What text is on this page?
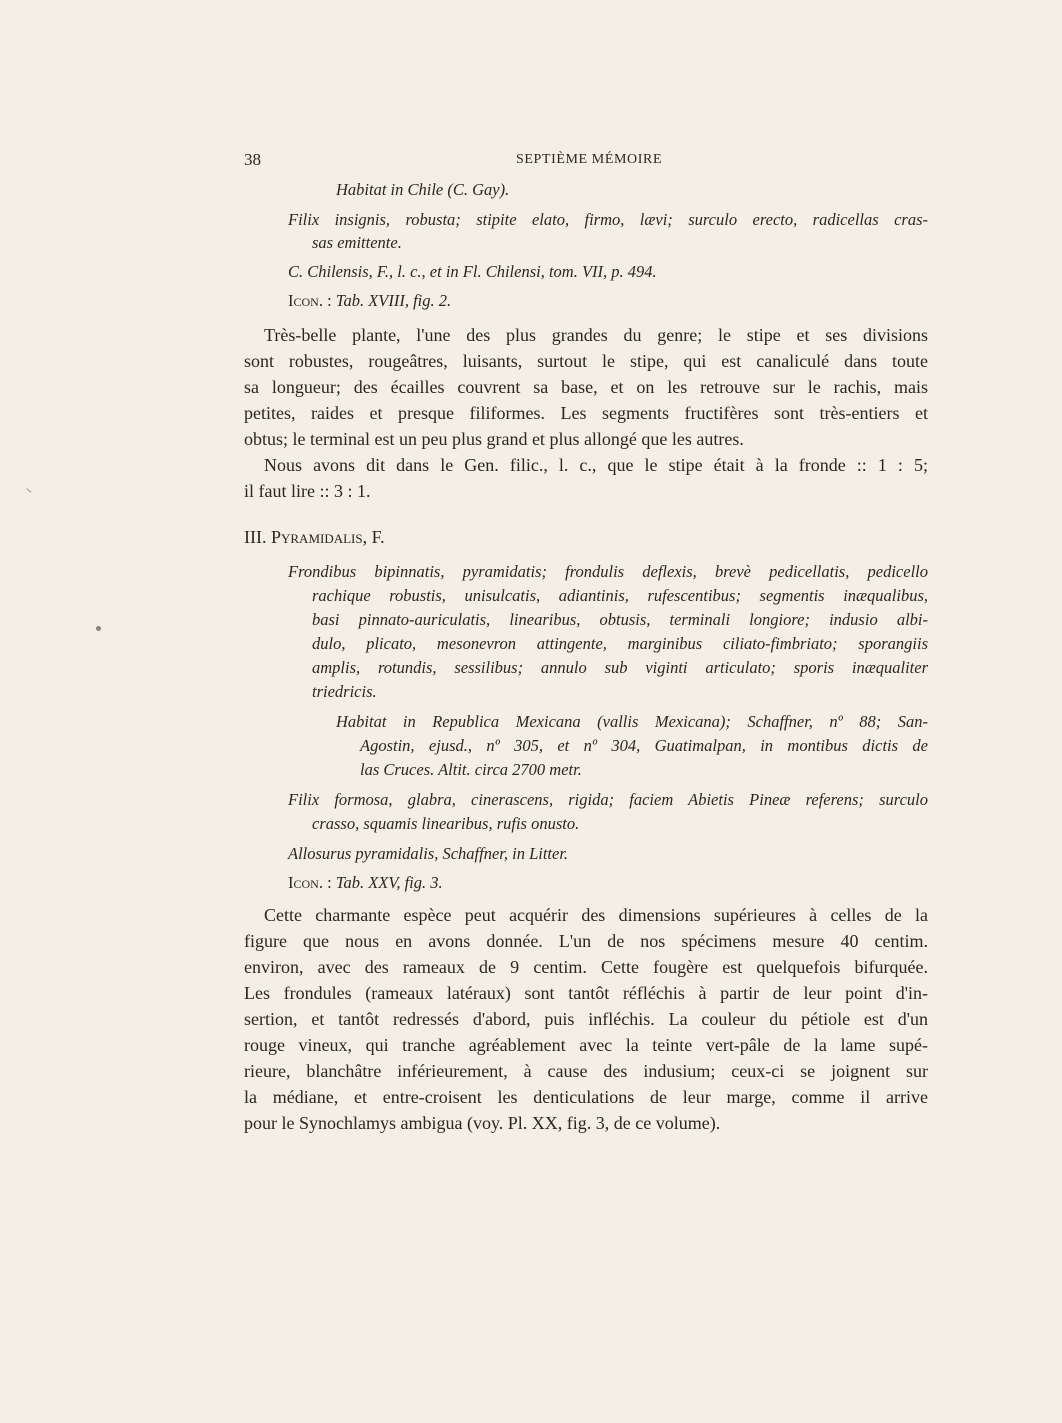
38	SEPTIÈME MÉMOIRE
Habitat in Chile (C. Gay).
Filix insignis, robusta; stipite elato, firmo, lævi; surculo erecto, radicellas cras-
sas emittente.
C. Chilensis, F., l. c., et in Fl. Chilensi, tom. VII, p. 494.
Icon. : Tab. XVIII, fig. 2.
Très-belle plante, l'une des plus grandes du genre; le stipe et ses divisions
sont robustes, rougeâtres, luisants, surtout le stipe, qui est canaliculé dans toute
sa longueur; des écailles couvrent sa base, et on les retrouve sur le rachis, mais
petites, raides et presque filiformes. Les segments fructifères sont très-entiers et
obtus; le terminal est un peu plus grand et plus allongé que les autres.
Nous avons dit dans le Gen. filic., l. c., que le stipe était à la fronde :: 1 : 5;
il faut lire :: 3 : 1.
III. Pyramidalis, F.
Frondibus bipinnatis, pyramidatis; frondulis deflexis, brevè pedicellatis, pedicello
rachique robustis, unisulcatis, adiantinis, rufescentibus; segmentis inæqualibus,
basi pinnato-auriculatis, linearibus, obtusis, terminali longiore; indusio albi-
dulo, plicato, mesonevron attingente, marginibus ciliato-fimbriato; sporangiis
amplis, rotundis, sessilibus; annulo sub viginti articulato; sporis inæqualiter
triedricis.
Habitat in Republica Mexicana (vallis Mexicana); Schaffner, nº 88; San-
Agostin, ejusd., nº 305, et nº 304, Guatimalpan, in montibus dictis de
las Cruces. Altit. circa 2700 metr.
Filix formosa, glabra, cinerascens, rigida; faciem Abietis Pineæ referens; surculo
crasso, squamis linearibus, rufis onusto.
Allosurus pyramidalis, Schaffner, in Litter.
Icon. : Tab. XXV, fig. 3.
Cette charmante espèce peut acquérir des dimensions supérieures à celles de la
figure que nous en avons donnée. L'un de nos spécimens mesure 40 centim.
environ, avec des rameaux de 9 centim. Cette fougère est quelquefois bifurquée.
Les frondules (rameaux latéraux) sont tantôt réfléchis à partir de leur point d'in-
sertion, et tantôt redressés d'abord, puis infléchis. La couleur du pétiole est d'un
rouge vineux, qui tranche agréablement avec la teinte vert-pâle de la lame supé-
rieure, blanchâtre inférieurement, à cause des indusium; ceux-ci se joignent sur
la médiane, et entre-croisent les denticulations de leur marge, comme il arrive
pour le Synochlamys ambigua (voy. Pl. XX, fig. 3, de ce volume).
